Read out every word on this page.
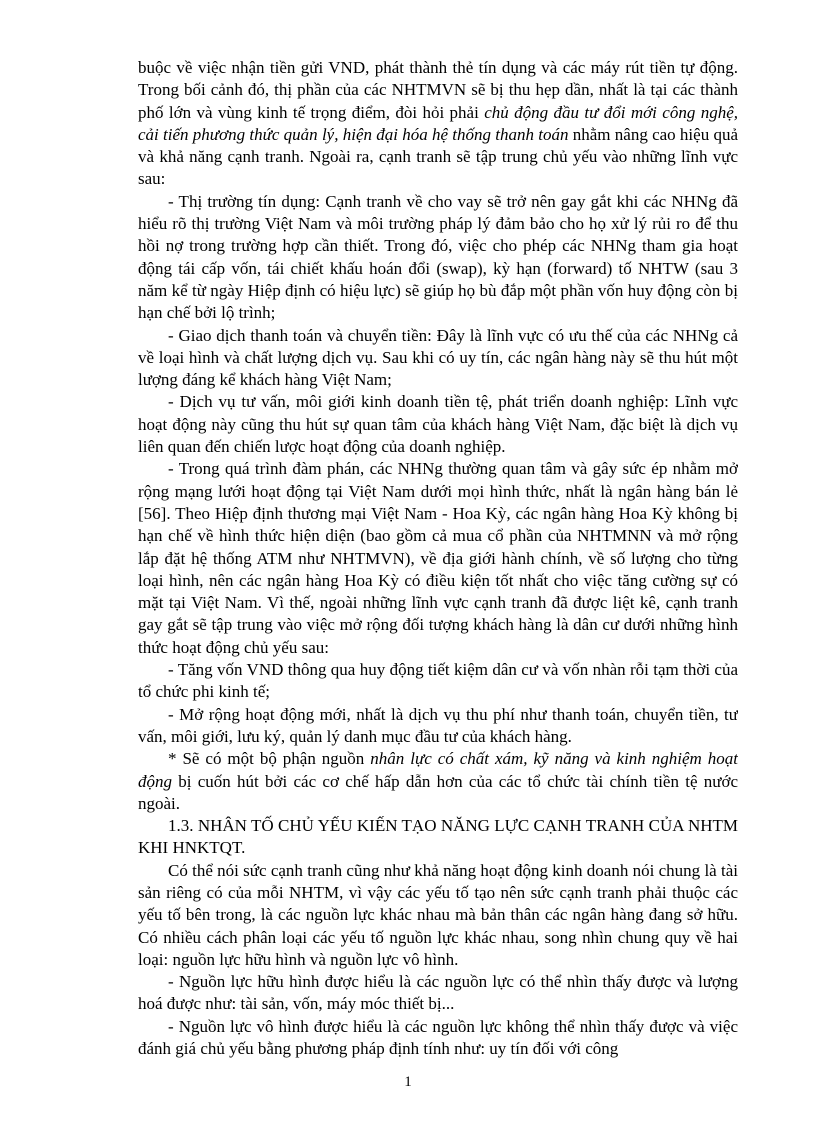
buộc về việc nhận tiền gửi VND, phát thành thẻ tín dụng và các máy rút tiền tự động. Trong bối cảnh đó, thị phần của các NHTMVN sẽ bị thu hẹp dần, nhất là tại các thành phố lớn và vùng kinh tế trọng điểm, đòi hỏi phải chủ động đầu tư đổi mới công nghệ, cải tiến phương thức quản lý, hiện đại hóa hệ thống thanh toán nhằm nâng cao hiệu quả và khả năng cạnh tranh. Ngoài ra, cạnh tranh sẽ tập trung chủ yếu vào những lĩnh vực sau:

- Thị trường tín dụng: Cạnh tranh về cho vay sẽ trở nên gay gắt khi các NHNg đã hiểu rõ thị trường Việt Nam và môi trường pháp lý đảm bảo cho họ xử lý rủi ro để thu hồi nợ trong trường hợp cần thiết. Trong đó, việc cho phép các NHNg tham gia hoạt động tái cấp vốn, tái chiết khấu hoán đổi (swap), kỳ hạn (forward) tố NHTW (sau 3 năm kể từ ngày Hiệp định có hiệu lực) sẽ giúp họ bù đắp một phần vốn huy động còn bị hạn chế bởi lộ trình;

- Giao dịch thanh toán và chuyển tiền: Đây là lĩnh vực có ưu thế của các NHNg cả về loại hình và chất lượng dịch vụ. Sau khi có uy tín, các ngân hàng này sẽ thu hút một lượng đáng kể khách hàng Việt Nam;

- Dịch vụ tư vấn, môi giới kinh doanh tiền tệ, phát triển doanh nghiệp: Lĩnh vực hoạt động này cũng thu hút sự quan tâm của khách hàng Việt Nam, đặc biệt là dịch vụ liên quan đến chiến lược hoạt động của doanh nghiệp.

- Trong quá trình đàm phán, các NHNg thường quan tâm và gây sức ép nhằm mở rộng mạng lưới hoạt động tại Việt Nam dưới mọi hình thức, nhất là ngân hàng bán lẻ [56]. Theo Hiệp định thương mại Việt Nam - Hoa Kỳ, các ngân hàng Hoa Kỳ không bị hạn chế về hình thức hiện diện (bao gồm cả mua cổ phần của NHTMNN và mở rộng lắp đặt hệ thống ATM như NHTMVN), về địa giới hành chính, về số lượng cho từng loại hình, nên các ngân hàng Hoa Kỳ có điều kiện tốt nhất cho việc tăng cường sự có mặt tại Việt Nam. Vì thế, ngoài những lĩnh vực cạnh tranh đã được liệt kê, cạnh tranh gay gắt sẽ tập trung vào việc mở rộng đối tượng khách hàng là dân cư dưới những hình thức hoạt động chủ yếu sau:

- Tăng vốn VND thông qua huy động tiết kiệm dân cư và vốn nhàn rỗi tạm thời của tổ chức phi kinh tế;

- Mở rộng hoạt động mới, nhất là dịch vụ thu phí như thanh toán, chuyển tiền, tư vấn, môi giới, lưu ký, quản lý danh mục đầu tư của khách hàng.

* Sẽ có một bộ phận nguồn nhân lực có chất xám, kỹ năng và kinh nghiệm hoạt động bị cuốn hút bởi các cơ chế hấp dẫn hơn của các tổ chức tài chính tiền tệ nước ngoài.

1.3. NHÂN TỐ CHỦ YẾU KIẾN TẠO NĂNG LỰC CẠNH TRANH CỦA NHTM KHI HNKTQT.

Có thể nói sức cạnh tranh cũng như khả năng hoạt động kinh doanh nói chung là tài sản riêng có của mỗi NHTM, vì vậy các yếu tố tạo nên sức cạnh tranh phải thuộc các yếu tố bên trong, là các nguồn lực khác nhau mà bản thân các ngân hàng đang sở hữu. Có nhiều cách phân loại các yếu tố nguồn lực khác nhau, song nhìn chung quy về hai loại: nguồn lực hữu hình và nguồn lực vô hình.

- Nguồn lực hữu hình được hiểu là các nguồn lực có thể nhìn thấy được và lượng hoá được như: tài sản, vốn, máy móc thiết bị...

- Nguồn lực vô hình được hiểu là các nguồn lực không thể nhìn thấy được và việc đánh giá chủ yếu bằng phương pháp định tính như: uy tín đối với công

1
